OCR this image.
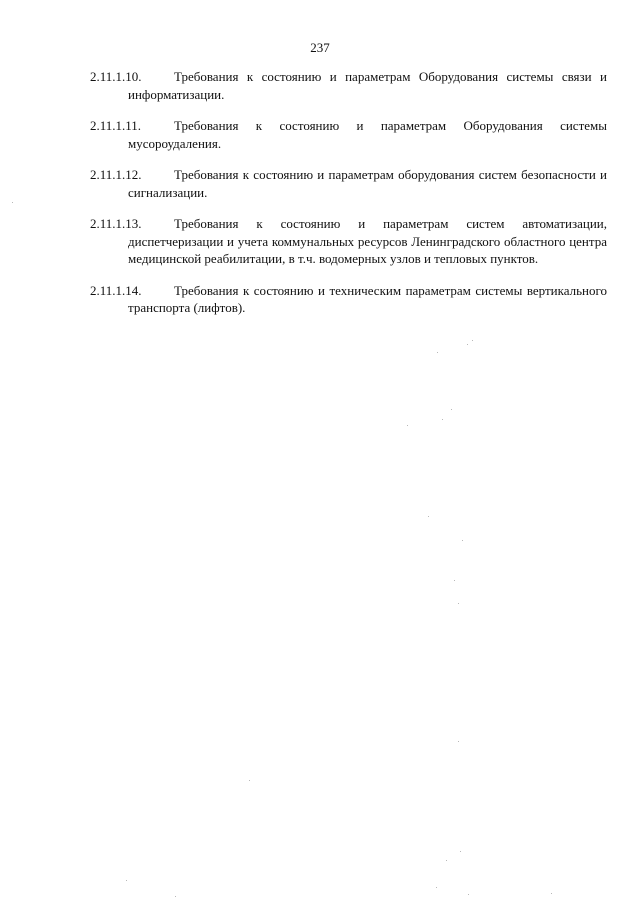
237
2.11.1.10.	Требования к состоянию и параметрам Оборудования системы связи и информатизации.

2.11.1.11.	Требования к состоянию и параметрам Оборудования системы мусороудаления.

2.11.1.12.	Требования к состоянию и параметрам оборудования систем безопасности и сигнализации.

2.11.1.13.	Требования к состоянию и параметрам систем автоматизации, диспетчеризации и учета коммунальных ресурсов Ленинградского областного центра медицинской реабилитации, в т.ч. водомерных узлов и тепловых пунктов.

2.11.1.14.	Требования к состоянию и техническим параметрам системы вертикального транспорта (лифтов).
